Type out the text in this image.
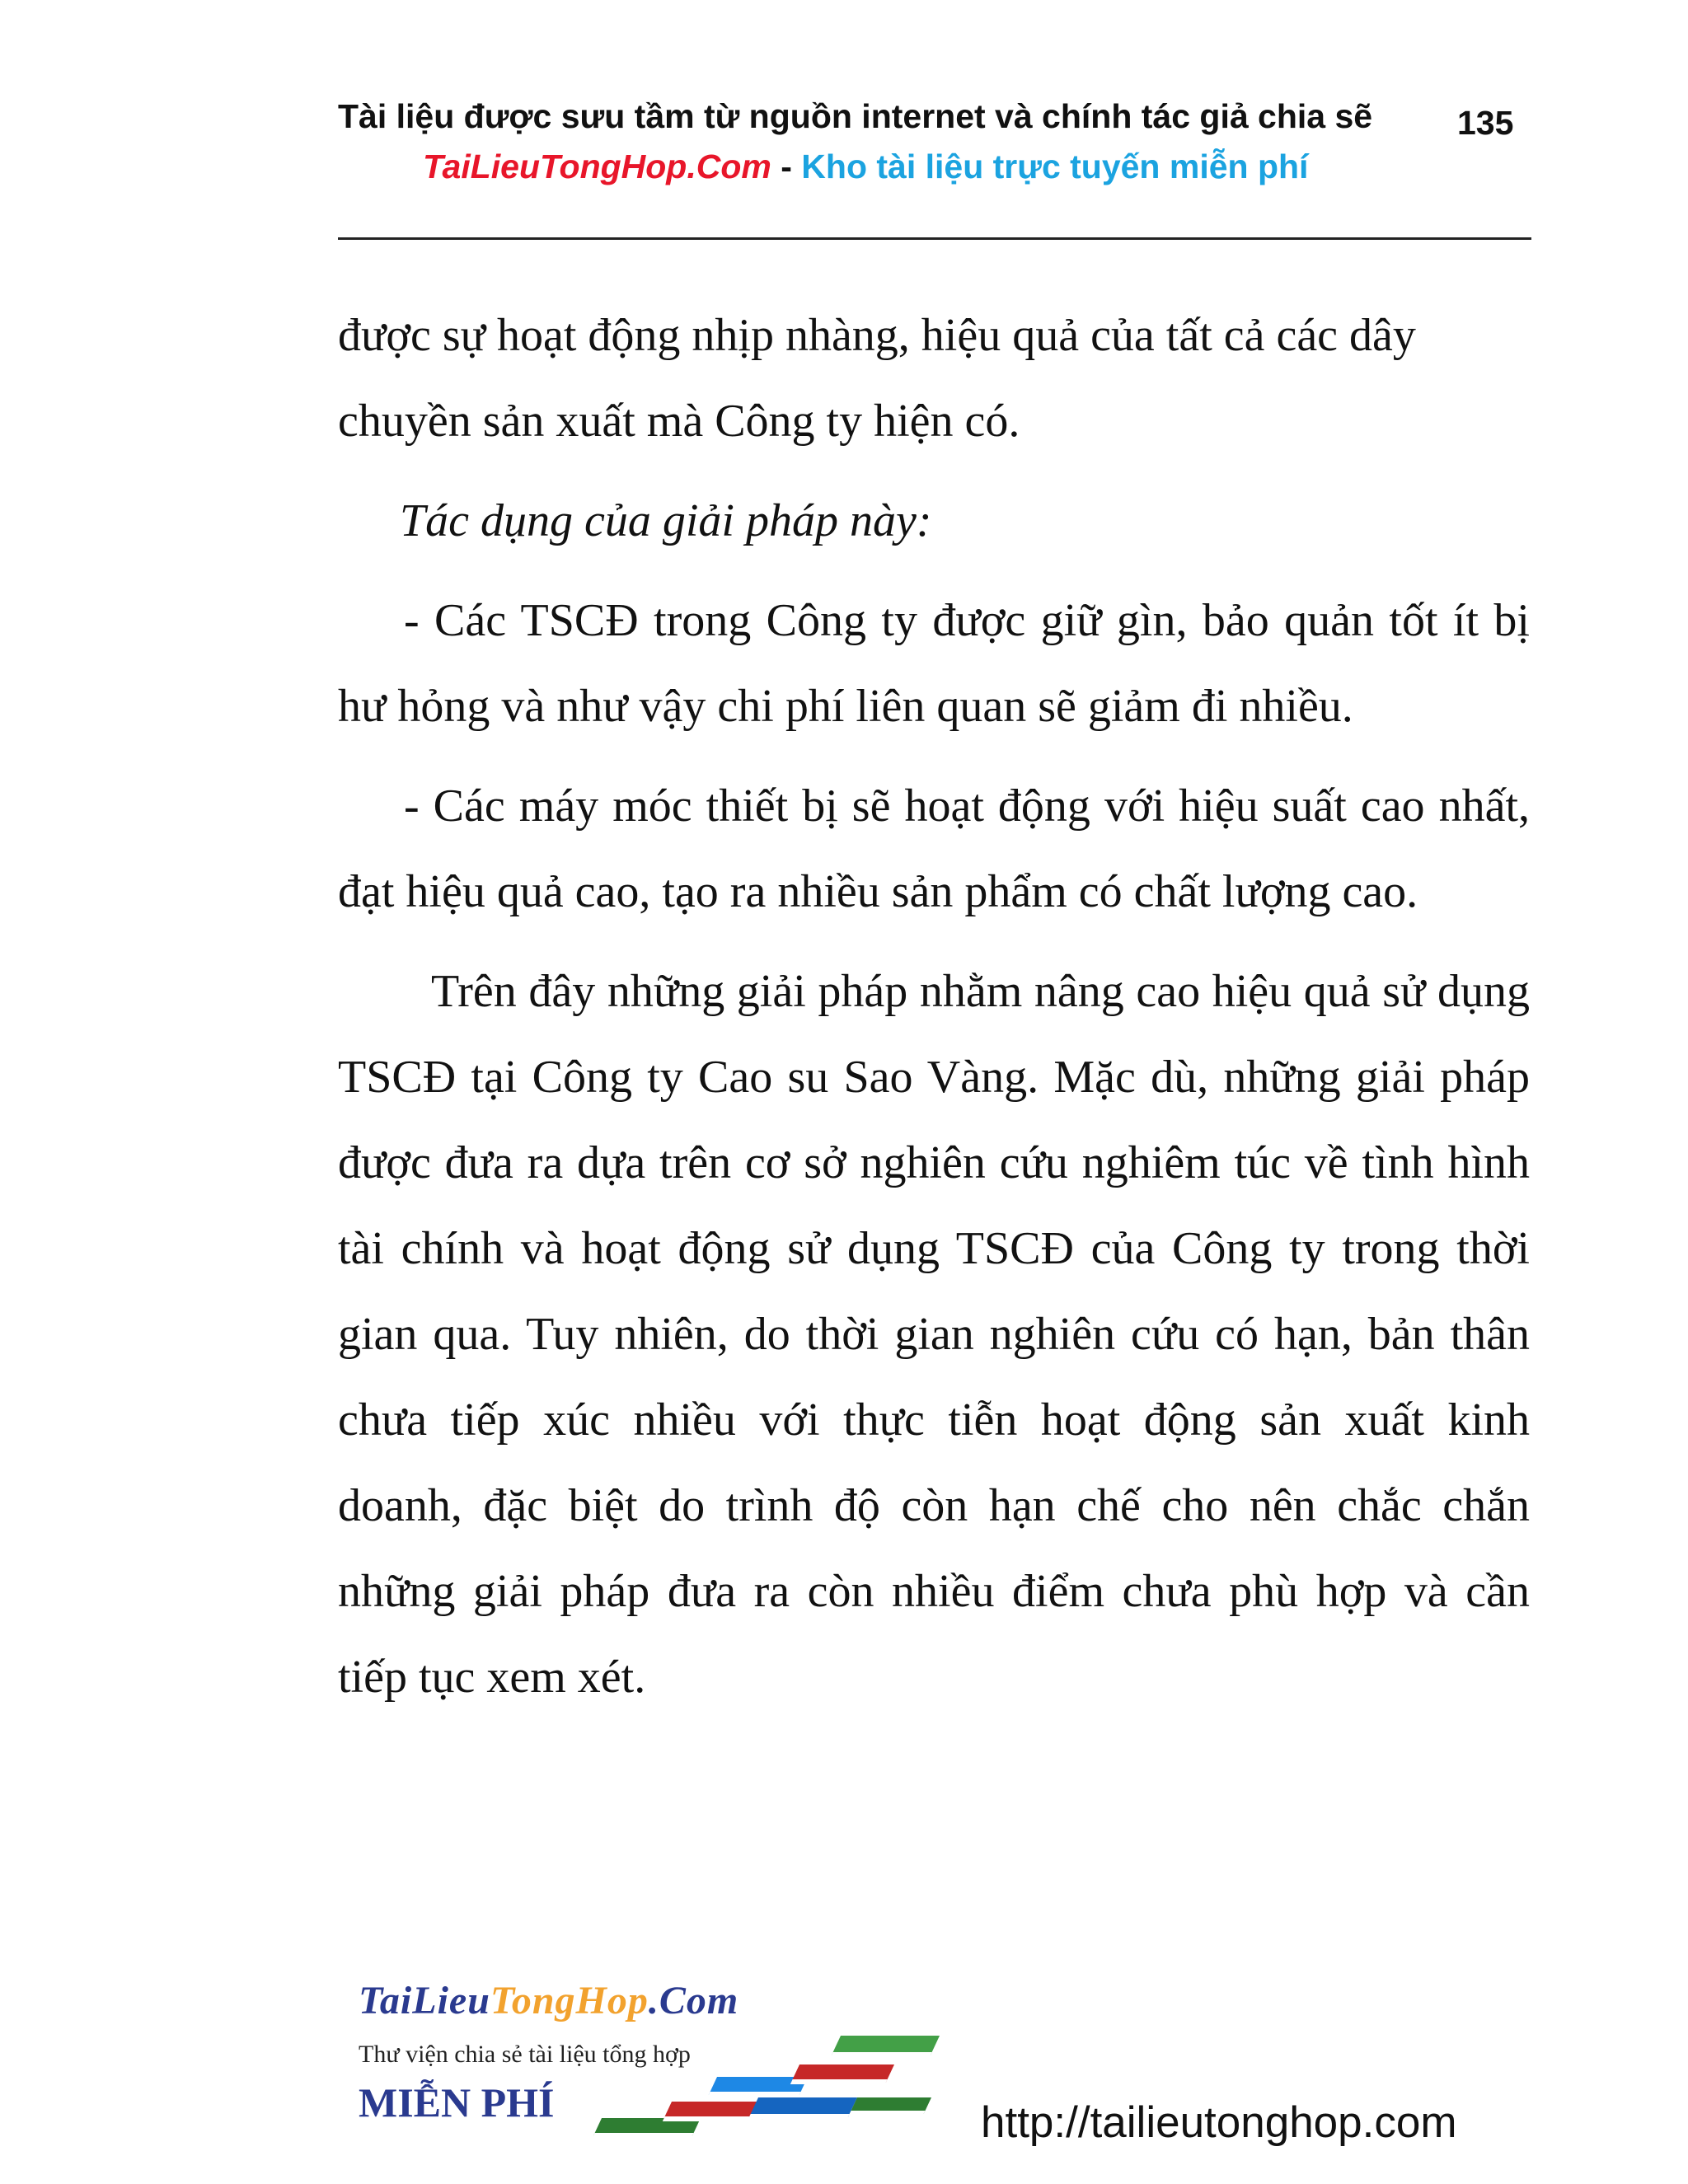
Tài liệu được sưu tầm từ nguồn internet và chính tác giả chia sẽ	135
TaiLieuTongHop.Com - Kho tài liệu trực tuyến miễn phí

được sự hoạt động nhịp nhàng, hiệu quả của tất cả các dây
chuyền sản xuất mà Công ty hiện có.

Tác dụng của giải pháp này:

- Các TSCĐ trong Công ty được giữ gìn, bảo quản tốt ít bị hư hỏng và như vậy chi phí liên quan sẽ giảm đi nhiều.

- Các máy móc thiết bị sẽ hoạt động với hiệu suất cao nhất, đạt hiệu quả cao, tạo ra nhiều sản phẩm có chất lượng cao.

Trên đây những giải pháp nhằm nâng cao hiệu quả sử dụng TSCĐ tại Công ty Cao su Sao Vàng. Mặc dù, những giải pháp được đưa ra dựa trên cơ sở nghiên cứu nghiêm túc về tình hình tài chính và hoạt động sử dụng TSCĐ của Công ty trong thời gian qua. Tuy nhiên, do thời gian nghiên cứu có hạn, bản thân chưa tiếp xúc nhiều với thực tiễn hoạt động sản xuất kinh doanh, đặc biệt do trình độ còn hạn chế cho nên chắc chắn những giải pháp đưa ra còn nhiều điểm chưa phù hợp và cần tiếp tục xem xét.

TaiLieuTongHop.Com
Thư viện chia sẻ tài liệu tổng hợp
MIỄN PHÍ	http://tailieutonghop.com
